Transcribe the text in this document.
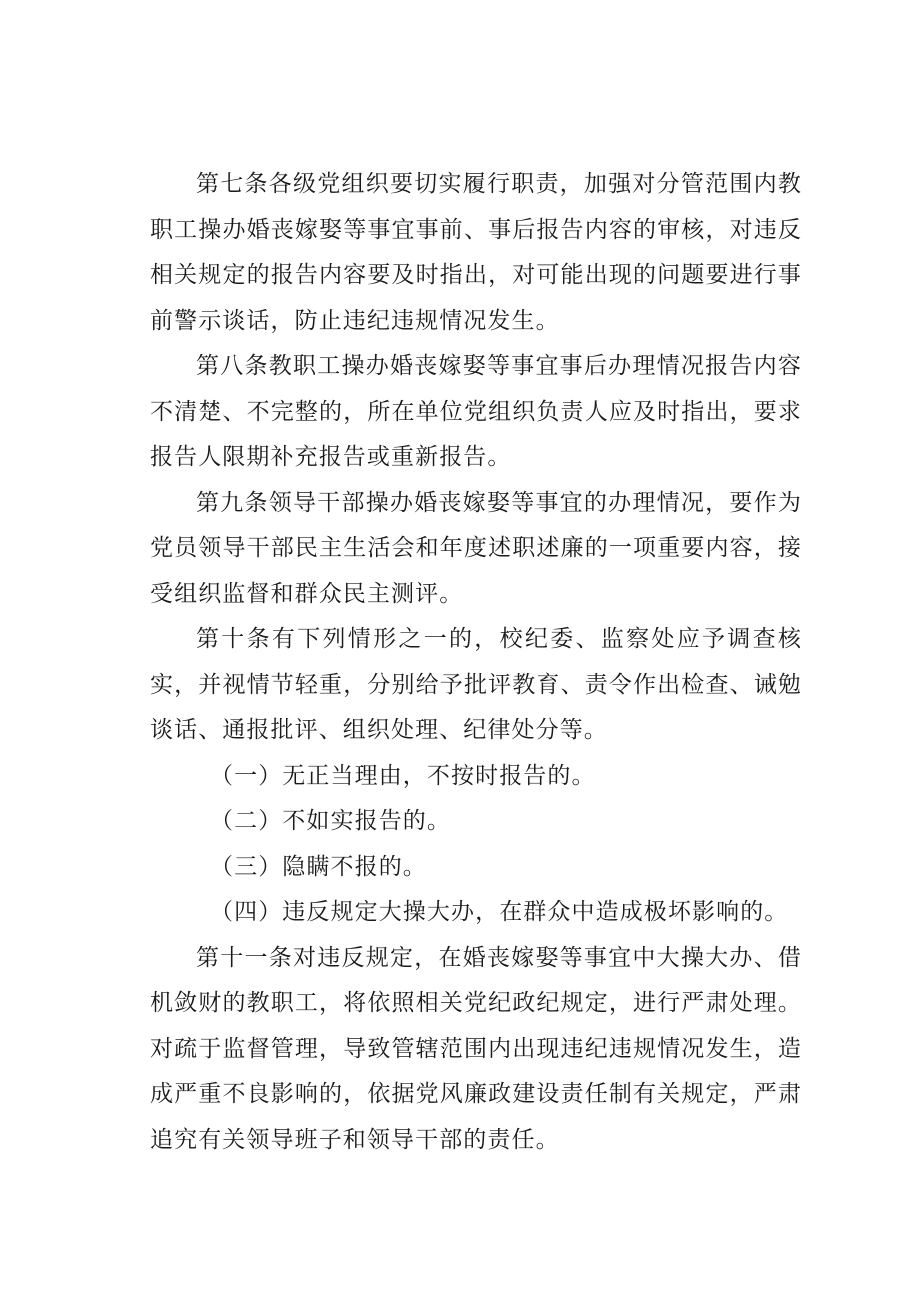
第七条各级党组织要切实履行职责，加强对分管范围内教职工操办婚丧嫁娶等事宜事前、事后报告内容的审核，对违反相关规定的报告内容要及时指出，对可能出现的问题要进行事前警示谈话，防止违纪违规情况发生。

第八条教职工操办婚丧嫁娶等事宜事后办理情况报告内容不清楚、不完整的，所在单位党组织负责人应及时指出，要求报告人限期补充报告或重新报告。

第九条领导干部操办婚丧嫁娶等事宜的办理情况，要作为党员领导干部民主生活会和年度述职述廉的一项重要内容，接受组织监督和群众民主测评。

第十条有下列情形之一的，校纪委、监察处应予调查核实，并视情节轻重，分别给予批评教育、责令作出检查、诫勉谈话、通报批评、组织处理、纪律处分等。

（一）无正当理由，不按时报告的。

（二）不如实报告的。

（三）隐瞒不报的。

（四）违反规定大操大办，在群众中造成极坏影响的。

第十一条对违反规定，在婚丧嫁娶等事宜中大操大办、借机敛财的教职工，将依照相关党纪政纪规定，进行严肃处理。对疏于监督管理，导致管辖范围内出现违纪违规情况发生，造成严重不良影响的，依据党风廉政建设责任制有关规定，严肃追究有关领导班子和领导干部的责任。
